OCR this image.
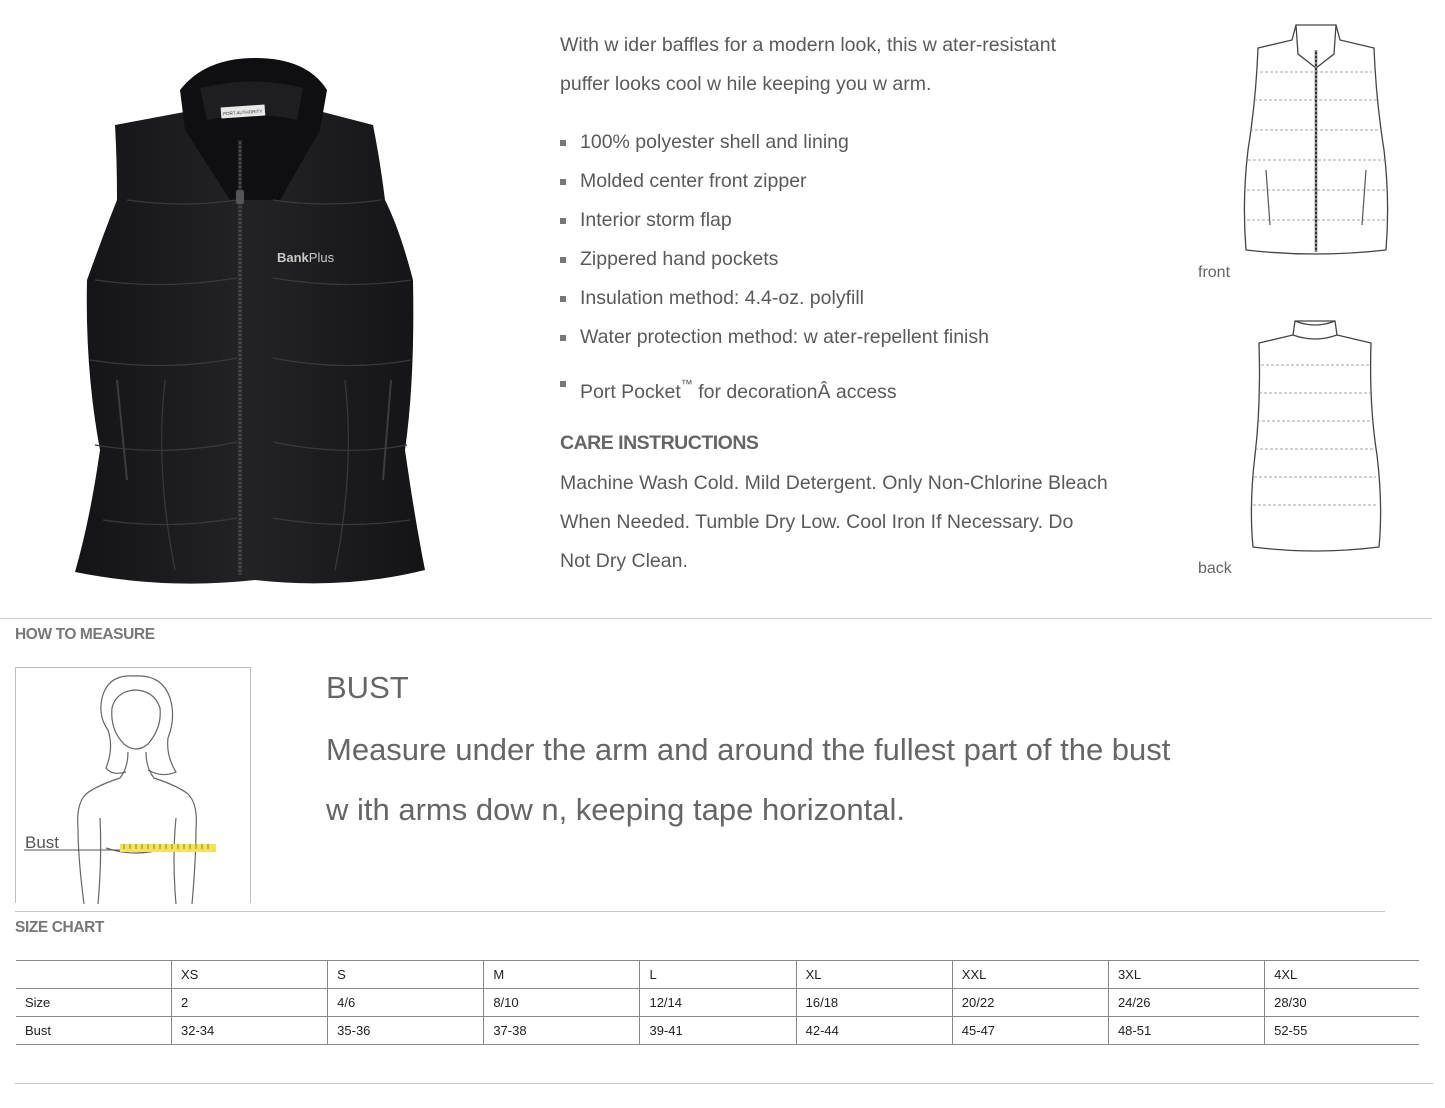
PORT AUTHORITY
BankPlus

With w ider baffles for a modern look, this w ater-resistant

puffer looks cool w hile keeping you w arm.

100% polyester shell and lining
Molded center front zipper
Interior storm flap
Zippered hand pockets
Insulation method: 4.4-oz. polyfill
Water protection method: w ater-repellent finish
Port Pocket™ for decorationÂ access
CARE INSTRUCTIONS
Machine Wash Cold. Mild Detergent. Only Non-Chlorine Bleach
When Needed. Tumble Dry Low. Cool Iron If Necessary. Do
Not Dry Clean.
front
back
HOW TO MEASURE
Bust
BUST
Measure under the arm and around the fullest part of the bust
w ith arms dow n, keeping tape horizontal.
SIZE CHART
	XS	S	M	L	XL	XXL	3XL	4XL
Size	2	4/6	8/10	12/14	16/18	20/22	24/26	28/30
Bust	32-34	35-36	37-38	39-41	42-44	45-47	48-51	52-55
